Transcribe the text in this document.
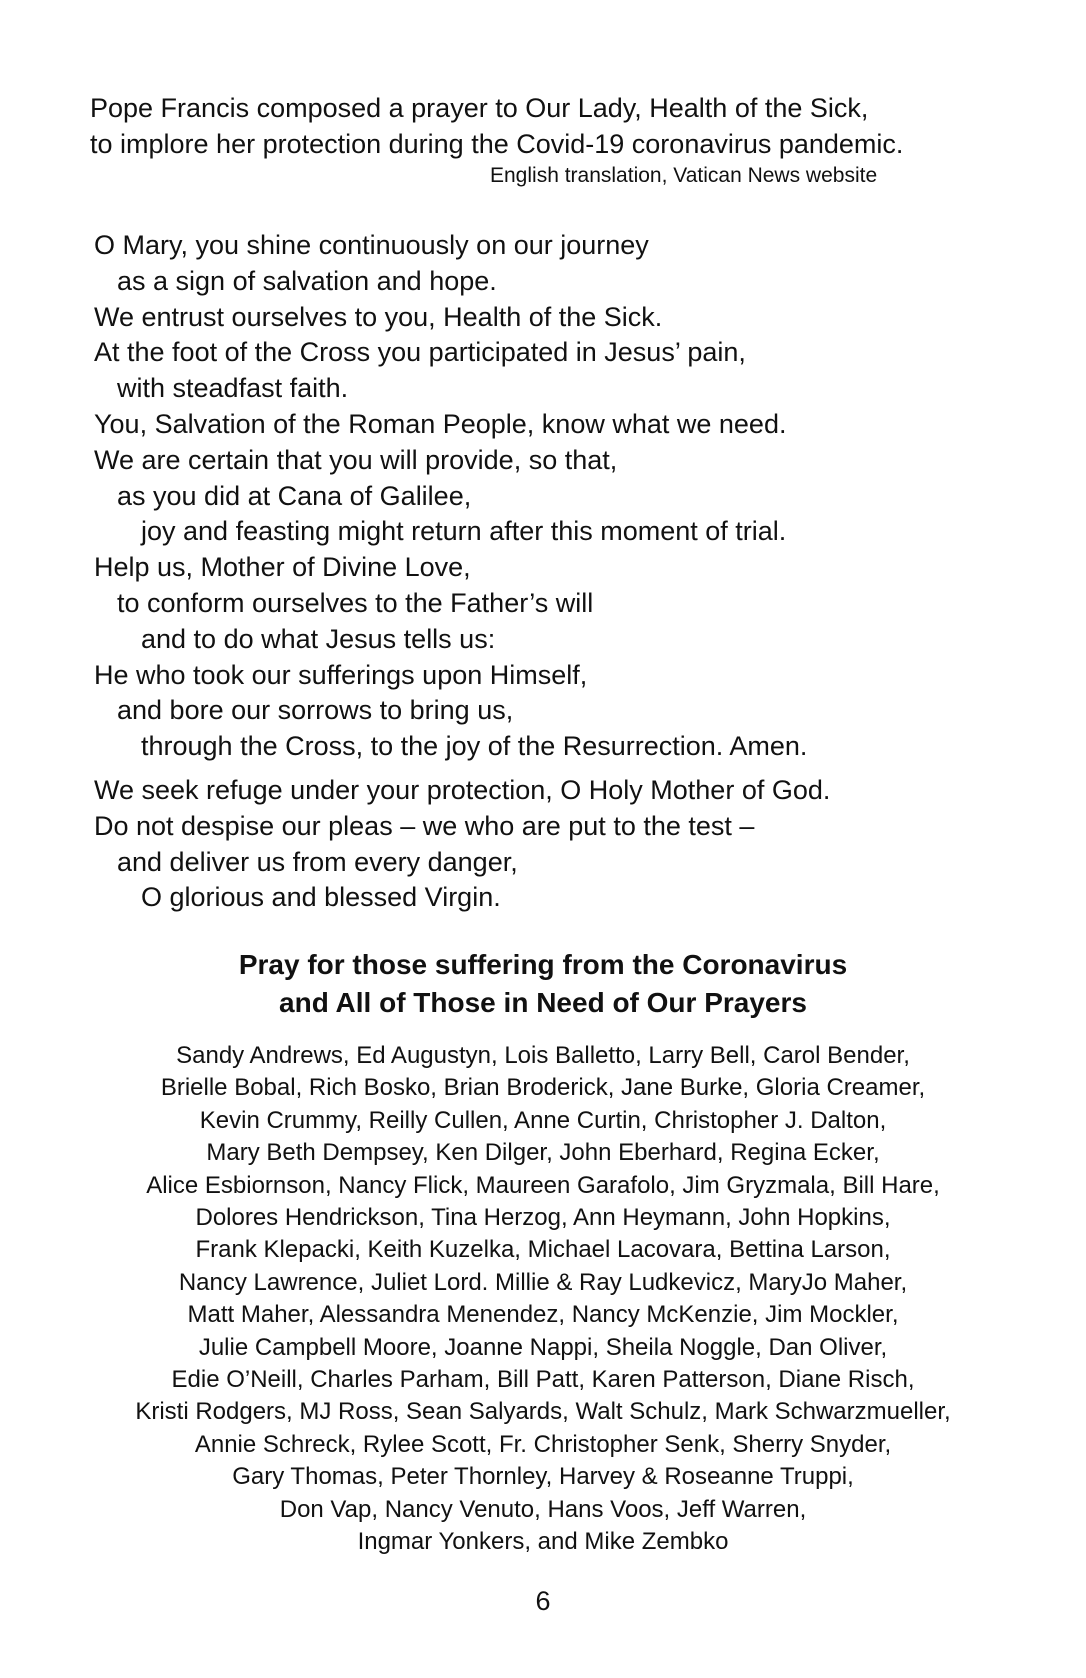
Pope Francis composed a prayer to Our Lady, Health of the Sick,
to implore her protection during the Covid-19 coronavirus pandemic.
English translation, Vatican News website
O Mary, you shine continuously on our journey
as a sign of salvation and hope.
We entrust ourselves to you, Health of the Sick.
At the foot of the Cross you participated in Jesus’ pain,
with steadfast faith.
You, Salvation of the Roman People, know what we need.
We are certain that you will provide, so that,
as you did at Cana of Galilee,
joy and feasting might return after this moment of trial.
Help us, Mother of Divine Love,
to conform ourselves to the Father’s will
and to do what Jesus tells us:
He who took our sufferings upon Himself,
and bore our sorrows to bring us,
through the Cross, to the joy of the Resurrection. Amen.
We seek refuge under your protection, O Holy Mother of God.
Do not despise our pleas – we who are put to the test –
and deliver us from every danger,
O glorious and blessed Virgin.
Pray for those suffering from the Coronavirus
and All of Those in Need of Our Prayers
Sandy Andrews, Ed Augustyn, Lois Balletto, Larry Bell, Carol Bender,
Brielle Bobal, Rich Bosko, Brian Broderick, Jane Burke, Gloria Creamer,
Kevin Crummy, Reilly Cullen, Anne Curtin, Christopher J. Dalton,
Mary Beth Dempsey, Ken Dilger, John Eberhard, Regina Ecker,
Alice Esbiornson, Nancy Flick, Maureen Garafolo, Jim Gryzmala, Bill Hare,
Dolores Hendrickson, Tina Herzog, Ann Heymann, John Hopkins,
Frank Klepacki, Keith Kuzelka, Michael Lacovara, Bettina Larson,
Nancy Lawrence, Juliet Lord. Millie & Ray Ludkevicz, MaryJo Maher,
Matt Maher, Alessandra Menendez, Nancy McKenzie, Jim Mockler,
Julie Campbell Moore, Joanne Nappi, Sheila Noggle, Dan Oliver,
Edie O’Neill, Charles Parham, Bill Patt, Karen Patterson, Diane Risch,
Kristi Rodgers, MJ Ross, Sean Salyards, Walt Schulz, Mark Schwarzmueller,
Annie Schreck, Rylee Scott, Fr. Christopher Senk, Sherry Snyder,
Gary Thomas, Peter Thornley, Harvey & Roseanne Truppi,
Don Vap, Nancy Venuto, Hans Voos, Jeff Warren,
Ingmar Yonkers, and Mike Zembko
6
